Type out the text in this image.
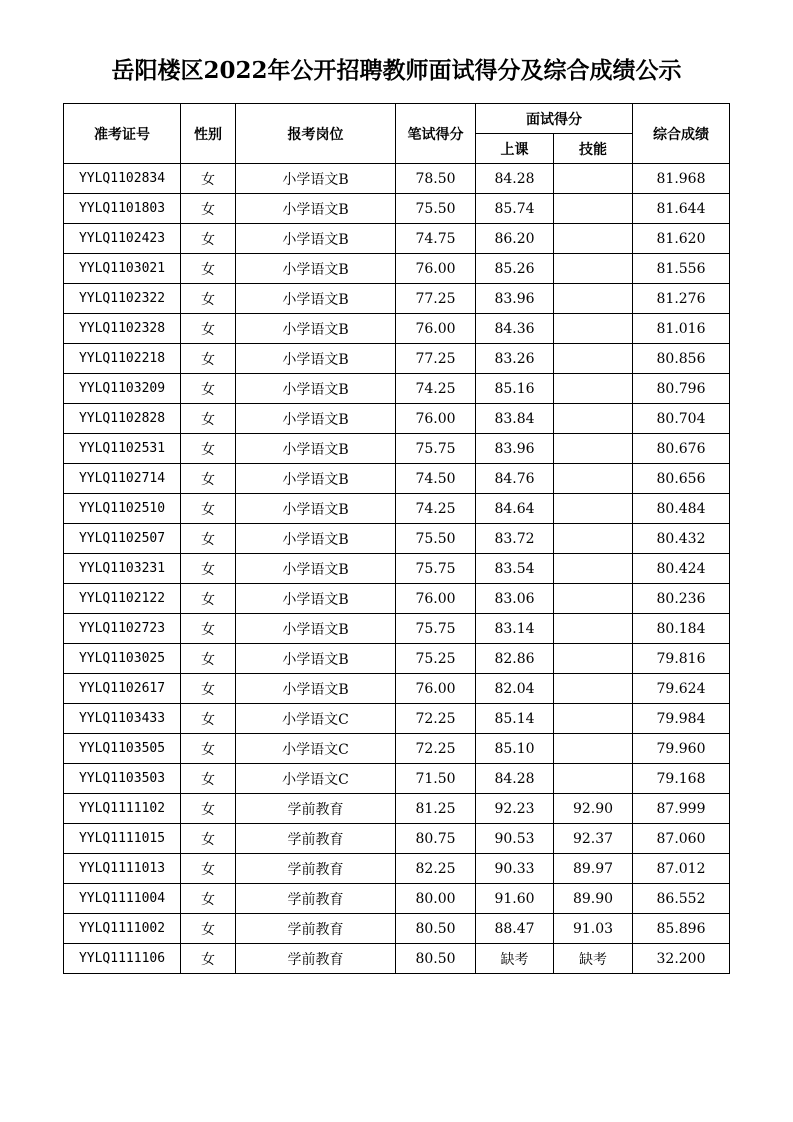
岳阳楼区2022年公开招聘教师面试得分及综合成绩公示
准考证号	性别	报考岗位	笔试得分	面试得分		综合成绩
				上课	技能	
YYLQ1102834	女	小学语文B	78.50	84.28		81.968
YYLQ1101803	女	小学语文B	75.50	85.74		81.644
YYLQ1102423	女	小学语文B	74.75	86.20		81.620
YYLQ1103021	女	小学语文B	76.00	85.26		81.556
YYLQ1102322	女	小学语文B	77.25	83.96		81.276
YYLQ1102328	女	小学语文B	76.00	84.36		81.016
YYLQ1102218	女	小学语文B	77.25	83.26		80.856
YYLQ1103209	女	小学语文B	74.25	85.16		80.796
YYLQ1102828	女	小学语文B	76.00	83.84		80.704
YYLQ1102531	女	小学语文B	75.75	83.96		80.676
YYLQ1102714	女	小学语文B	74.50	84.76		80.656
YYLQ1102510	女	小学语文B	74.25	84.64		80.484
YYLQ1102507	女	小学语文B	75.50	83.72		80.432
YYLQ1103231	女	小学语文B	75.75	83.54		80.424
YYLQ1102122	女	小学语文B	76.00	83.06		80.236
YYLQ1102723	女	小学语文B	75.75	83.14		80.184
YYLQ1103025	女	小学语文B	75.25	82.86		79.816
YYLQ1102617	女	小学语文B	76.00	82.04		79.624
YYLQ1103433	女	小学语文C	72.25	85.14		79.984
YYLQ1103505	女	小学语文C	72.25	85.10		79.960
YYLQ1103503	女	小学语文C	71.50	84.28		79.168
YYLQ1111102	女	学前教育	81.25	92.23	92.90	87.999
YYLQ1111015	女	学前教育	80.75	90.53	92.37	87.060
YYLQ1111013	女	学前教育	82.25	90.33	89.97	87.012
YYLQ1111004	女	学前教育	80.00	91.60	89.90	86.552
YYLQ1111002	女	学前教育	80.50	88.47	91.03	85.896
YYLQ1111106	女	学前教育	80.50	缺考	缺考	32.200
